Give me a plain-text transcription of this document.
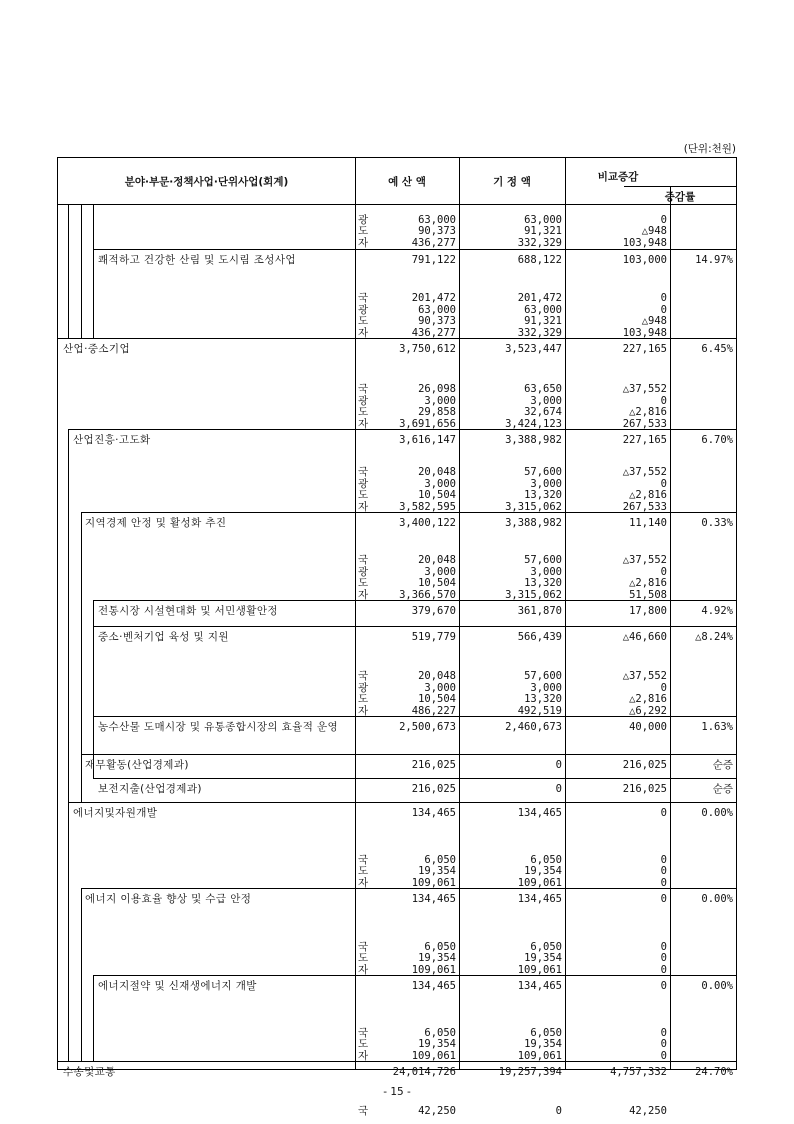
(단위:천원)
분야·부문·정책사업·단위사업(회계)	예 산 액	기 정 액	비교증감
증감률
광	63,000	63,000	0
도	90,373	91,321	△948
자	436,277	332,329	103,948
쾌적하고 건강한 산림 및 도시림 조성사업	791,122	688,122	103,000	14.97%
국	201,472	201,472	0
광	63,000	63,000	0
도	90,373	91,321	△948
자	436,277	332,329	103,948
산업·중소기업	3,750,612	3,523,447	227,165	6.45%
국	26,098	63,650	△37,552
광	3,000	3,000	0
도	29,858	32,674	△2,816
자	3,691,656	3,424,123	267,533
산업진흥·고도화	3,616,147	3,388,982	227,165	6.70%
국	20,048	57,600	△37,552
광	3,000	3,000	0
도	10,504	13,320	△2,816
자	3,582,595	3,315,062	267,533
지역경제 안정 및 활성화 추진	3,400,122	3,388,982	11,140	0.33%
국	20,048	57,600	△37,552
광	3,000	3,000	0
도	10,504	13,320	△2,816
자	3,366,570	3,315,062	51,508
전통시장 시설현대화 및 서민생활안정	379,670	361,870	17,800	4.92%
중소·벤처기업 육성 및 지원	519,779	566,439	△46,660	△8.24%
국	20,048	57,600	△37,552
광	3,000	3,000	0
도	10,504	13,320	△2,816
자	486,227	492,519	△6,292
농수산물 도매시장 및 유통종합시장의 효율적 운영	2,500,673	2,460,673	40,000	1.63%
재무활동(산업경제과)	216,025	0	216,025	순증
보전지출(산업경제과)	216,025	0	216,025	순증
에너지및자원개발	134,465	134,465	0	0.00%
국	6,050	6,050	0
도	19,354	19,354	0
자	109,061	109,061	0
에너지 이용효율 향상 및 수급 안정	134,465	134,465	0	0.00%
국	6,050	6,050	0
도	19,354	19,354	0
자	109,061	109,061	0
에너지절약 및 신재생에너지 개발	134,465	134,465	0	0.00%
국	6,050	6,050	0
도	19,354	19,354	0
자	109,061	109,061	0
수송및교통	24,014,726	19,257,394	4,757,332	24.70%
국	42,250	0	42,250
- 15 -
